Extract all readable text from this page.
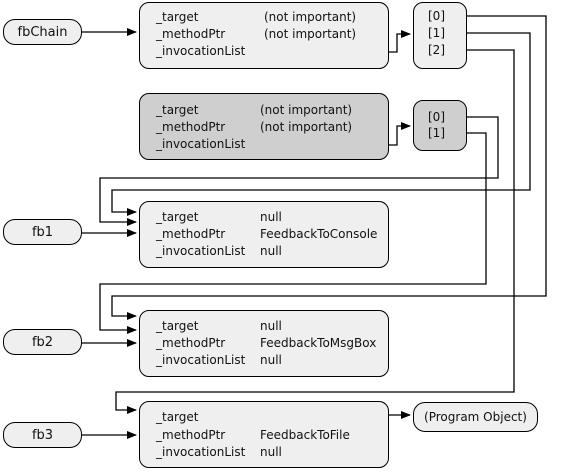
fbChain
fb1
fb2
fb3
_target	(not important)
_methodPtr	(not important)
_invocationList
_target	(not important)
_methodPtr	(not important)
_invocationList
[0]
[1]
[2]
[0]
[1]
_target	null
_methodPtr	FeedbackToConsole
_invocationList null
_target	null
_methodPtr	FeedbackToMsgBox
_invocationList null
_target
_methodPtr	FeedbackToFile
_invocationList null
(Program Object)
